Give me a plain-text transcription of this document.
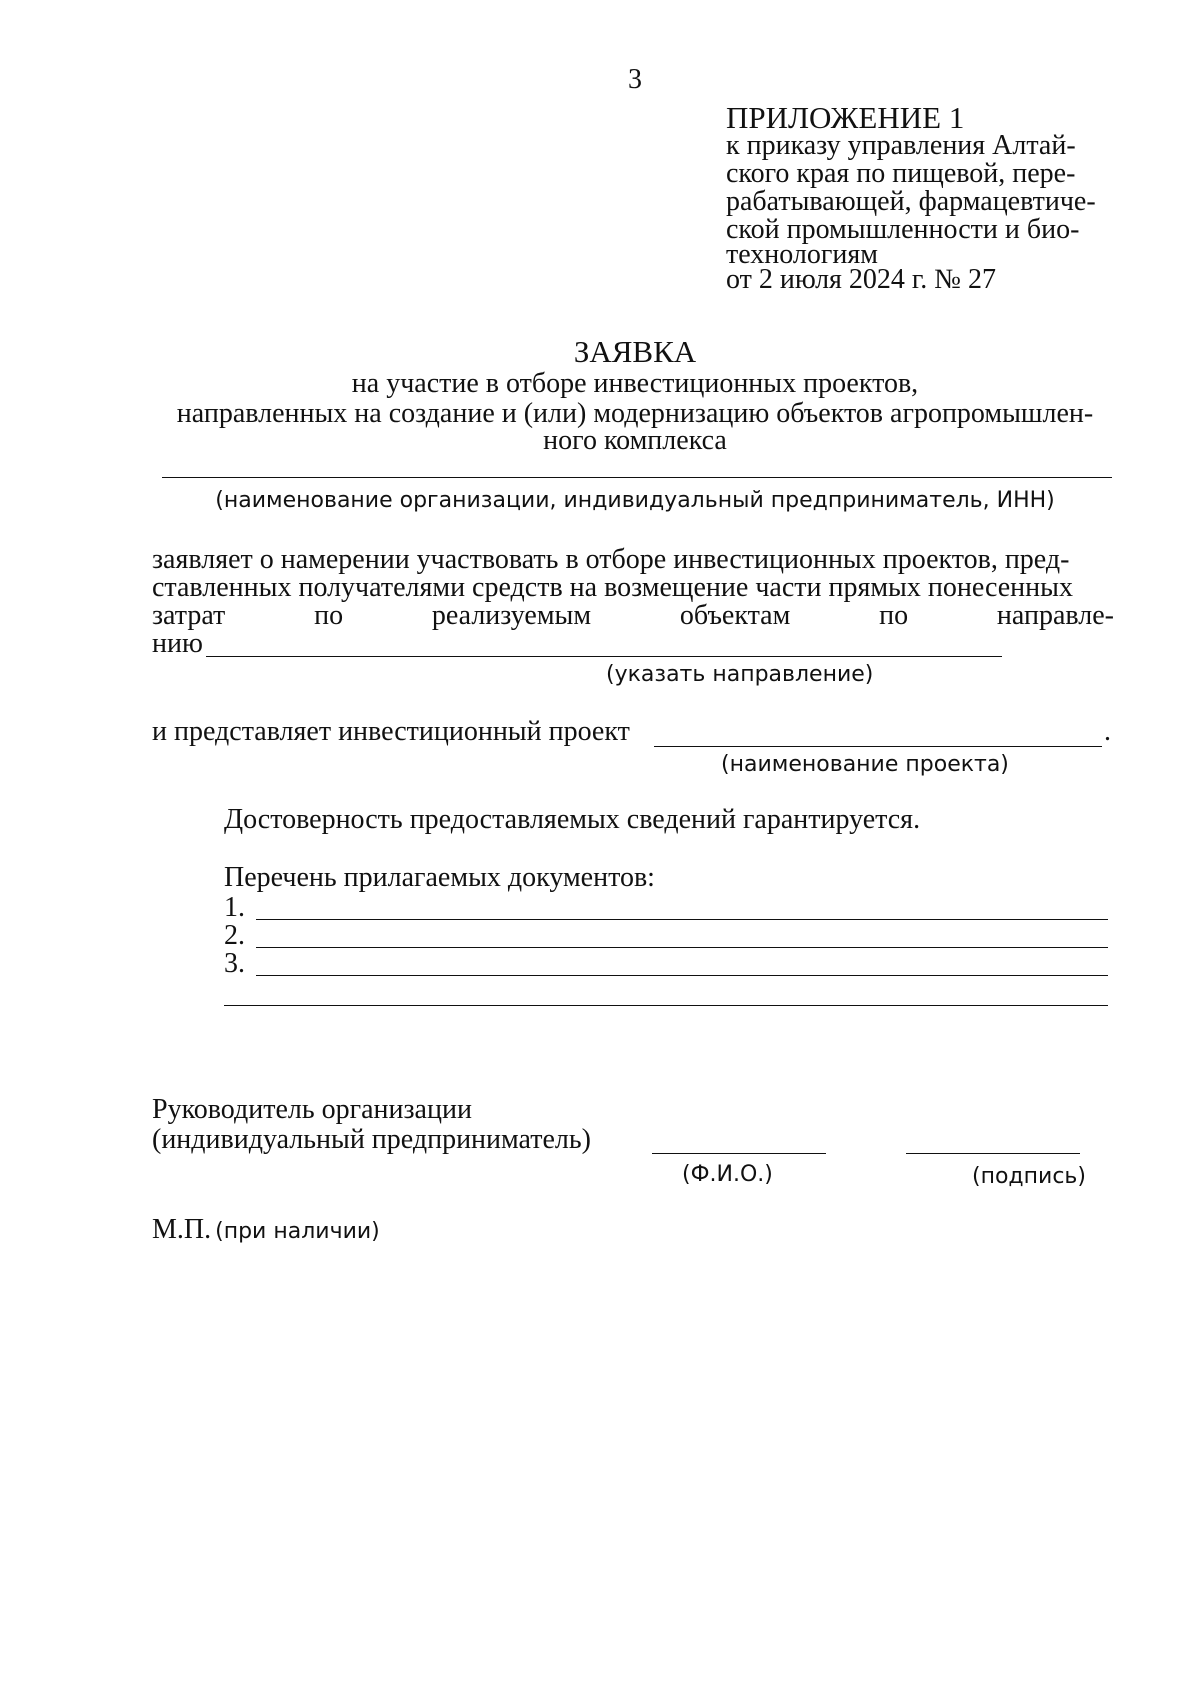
3
ПРИЛОЖЕНИЕ 1
к приказу управления Алтай-
ского края по пищевой, пере-
рабатывающей, фармацевтиче-
ской промышленности и био-
технологиям
от 2 июля 2024 г. № 27
ЗАЯВКА
на участие в отборе инвестиционных проектов,
направленных на создание и (или) модернизацию объектов агропромышлен-
ного комплекса
(наименование организации, индивидуальный предприниматель, ИНН)
заявляет о намерении участвовать в отборе инвестиционных проектов, пред-
ставленных получателями средств на возмещение части прямых понесенных
затрат	по	реализуемым	объектам	по	направле-
нию
(указать направление)
и представляет инвестиционный проект	.
(наименование проекта)
Достоверность предоставляемых сведений гарантируется.
Перечень прилагаемых документов:
1.
2.
3.
Руководитель организации
(индивидуальный предприниматель)
(Ф.И.О.)	(подпись)
М.П. (при наличии)
